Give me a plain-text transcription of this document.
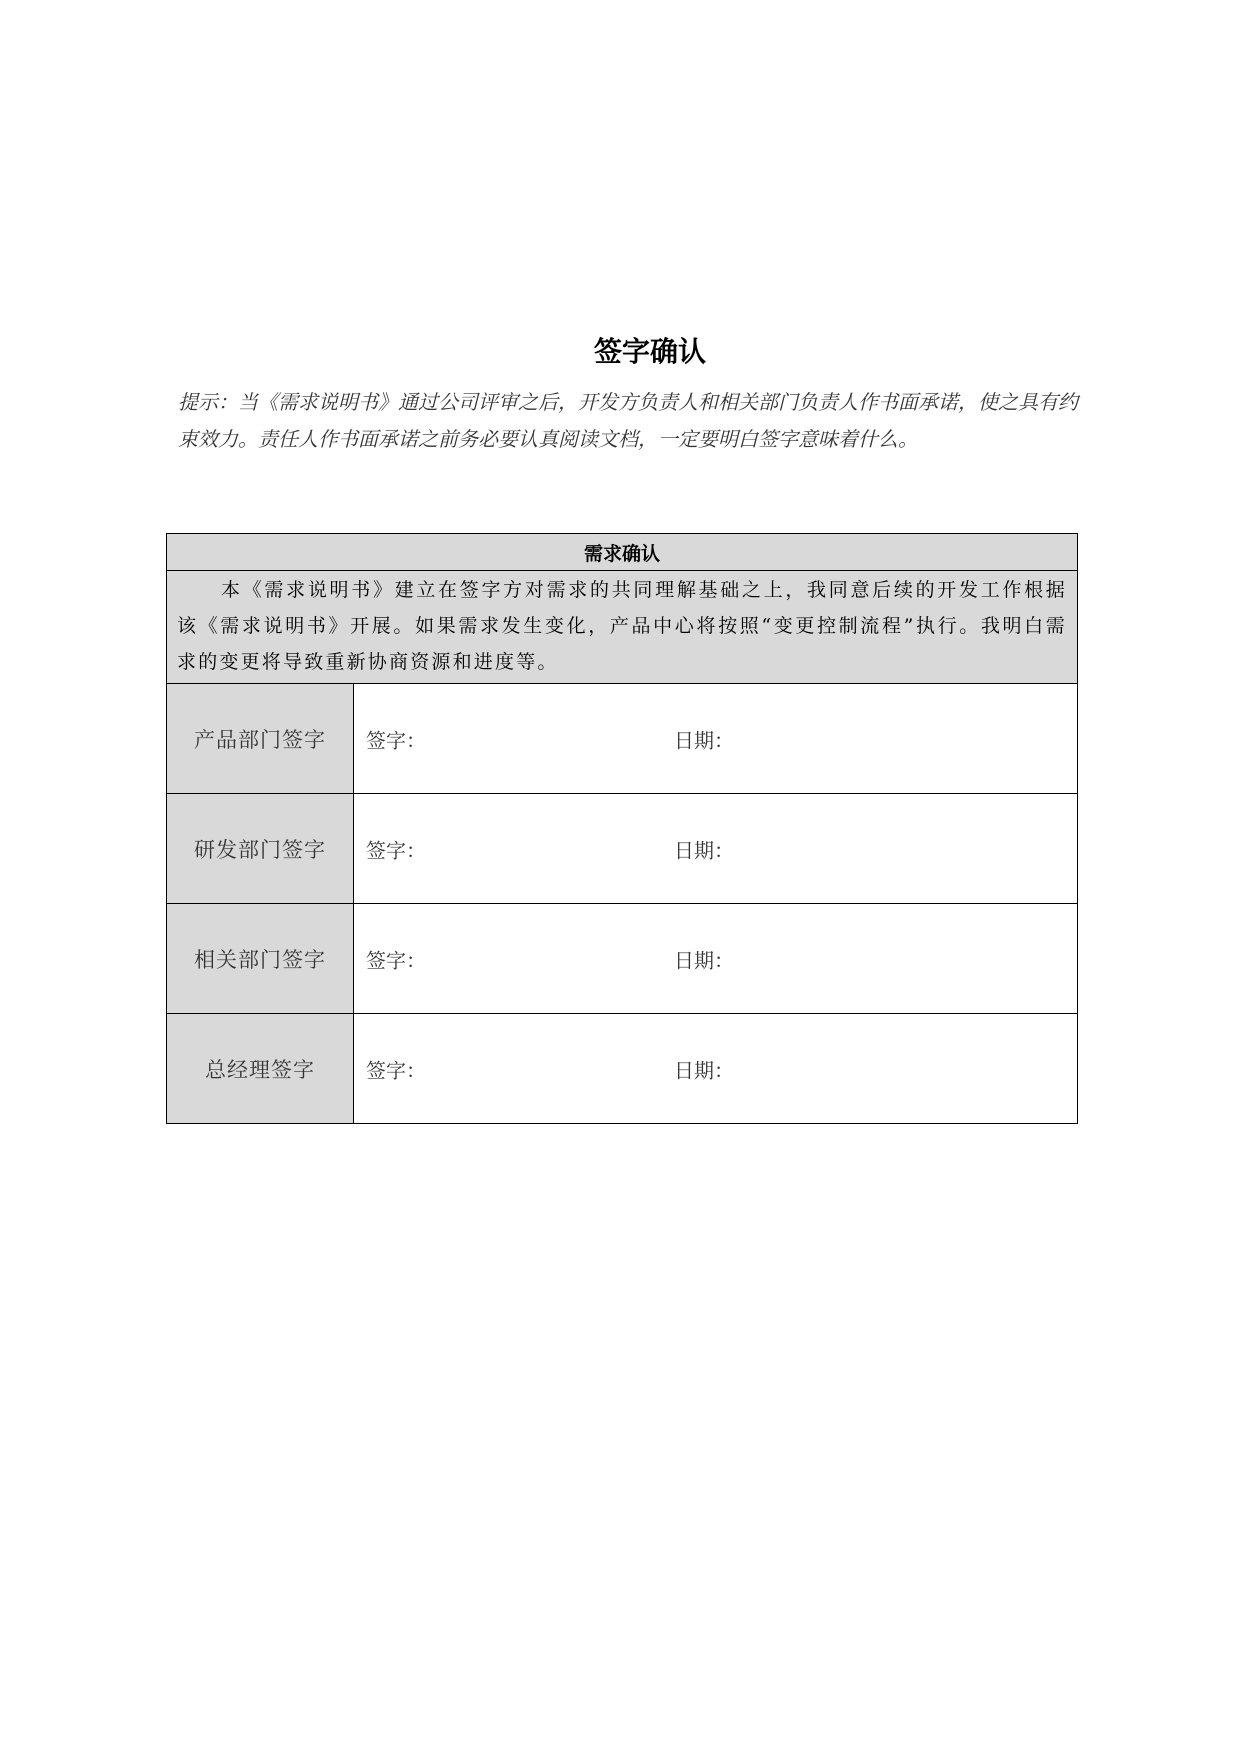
签字确认
提示：当《需求说明书》通过公司评审之后，开发方负责人和相关部门负责人作书面承诺，使之具有约束效力。责任人作书面承诺之前务必要认真阅读文档，一定要明白签字意味着什么。
需求确认	
本《需求说明书》建立在签字方对需求的共同理解基础之上，我同意后续的开发工作根据该《需求说明书》开展。如果需求发生变化，产品中心将按照“变更控制流程”执行。我明白需求的变更将导致重新协商资源和进度等。	
产品部门签字	签字： 日期：

研发部门签字	签字： 日期：

相关部门签字	签字： 日期：

总经理签字	签字： 日期：
